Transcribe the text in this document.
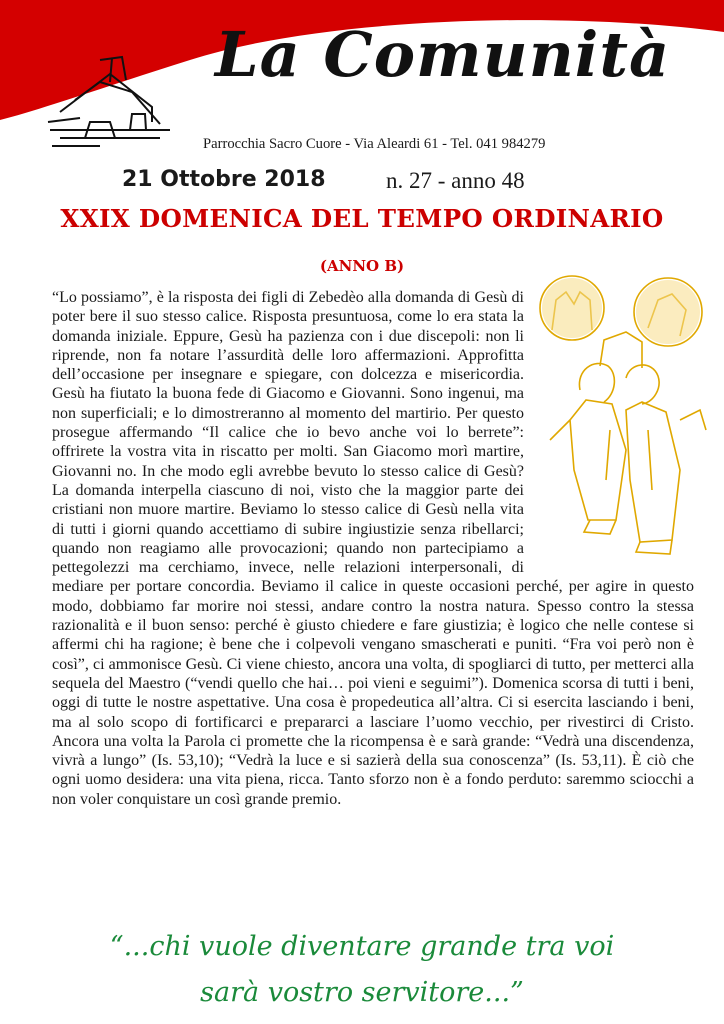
La Comunità
Parrocchia Sacro Cuore - Via Aleardi 61 - Tel. 041 984279
21 Ottobre 2018	n. 27 - anno 48
XXIX DOMENICA DEL TEMPO ORDINARIO
(ANNO B)
“Lo possiamo”, è la risposta dei figli di Zebedèo alla domanda di Gesù di poter bere il suo stesso calice. Risposta presuntuosa, come lo era stata la domanda iniziale. Eppure, Gesù ha pazienza con i due discepoli: non li riprende, non fa notare l’assurdità delle loro affermazioni. Approfitta dell’occasione per insegnare e spiegare, con dolcezza e misericordia. Gesù ha fiutato la buona fede di Giacomo e Giovanni. Sono ingenui, ma non superficiali; e lo dimostreranno al momento del martirio. Per questo prosegue affermando “Il calice che io bevo anche voi lo berrete”: offrirete la vostra vita in riscatto per molti. San Giacomo morì martire, Giovanni no. In che modo egli avrebbe bevuto lo stesso calice di Gesù? La domanda interpella ciascuno di noi, visto che la maggior parte dei cristiani non muore martire. Beviamo lo stesso calice di Gesù nella vita di tutti i giorni quando accettiamo di subire ingiustizie senza ribellarci; quando non reagiamo alle provocazioni; quando non partecipiamo a pettegolezzi ma cerchiamo, invece, nelle relazioni interpersonali, di mediare per portare concordia. Beviamo il calice in queste occasioni perché, per agire in questo modo, dobbiamo far morire noi stessi, andare contro la nostra natura. Spesso contro la stessa razionalità e il buon senso: perché è giusto chiedere e fare giustizia; è logico che nelle contese si affermi chi ha ragione; è bene che i colpevoli vengano smascherati e puniti. “Fra voi però non è così”, ci ammonisce Gesù. Ci viene chiesto, ancora una volta, di spogliarci di tutto, per metterci alla sequela del Maestro (“vendi quello che hai… poi vieni e seguimi”). Domenica scorsa di tutti i beni, oggi di tutte le nostre aspettative. Una cosa è propedeutica all’altra. Ci si esercita lasciando i beni, ma al solo scopo di fortificarci e prepararci a lasciare l’uomo vecchio, per rivestirci di Cristo. Ancora una volta la Parola ci promette che la ricompensa è e sarà grande: “Vedrà una discendenza, vivrà a lungo” (Is. 53,10); “Vedrà la luce e si sazierà della sua conoscenza” (Is. 53,11). È ciò che ogni uomo desidera: una vita piena, ricca. Tanto sforzo non è a fondo perduto: saremmo sciocchi a non voler conquistare un così grande premio.
“...chi vuole diventare grande tra voi
sarà vostro servitore...”
